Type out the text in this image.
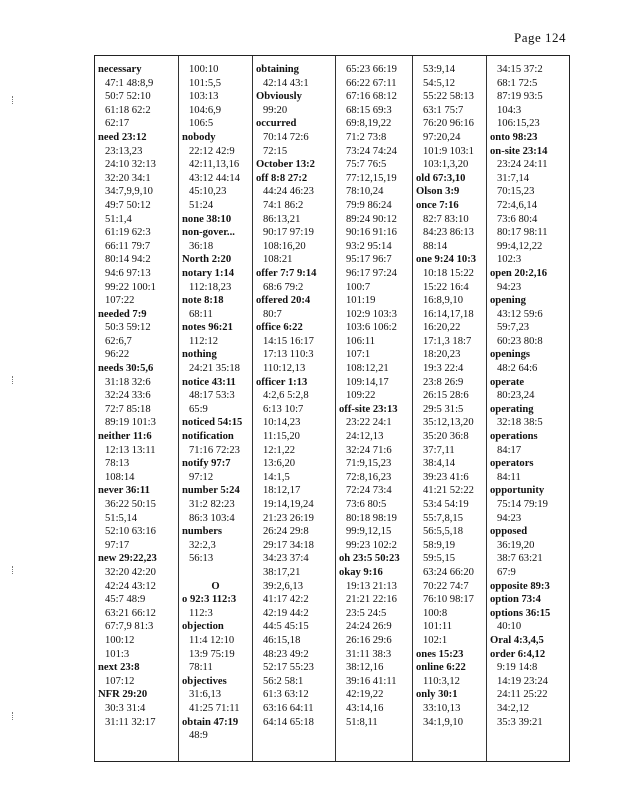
Page 124
necessary
47:1 48:8,9
50:7 52:10
61:18 62:2
62:17
need 23:12
23:13,23
24:10 32:13
32:20 34:1
34:7,9,9,10
49:7 50:12
51:1,4
61:19 62:3
66:11 79:7
80:14 94:2
94:6 97:13
99:22 100:1
107:22
needed 7:9
50:3 59:12
62:6,7
96:22
needs 30:5,6
31:18 32:6
32:24 33:6
72:7 85:18
89:19 101:3
neither 11:6
12:13 13:11
78:13
108:14
never 36:11
36:22 50:15
51:5,14
52:10 63:16
97:17
new 29:22,23
32:20 42:20
42:24 43:12
45:7 48:9
63:21 66:12
67:7,9 81:3
100:12
101:3
next 23:8
107:12
NFR 29:20
30:3 31:4
31:11 32:17
100:10
101:5,5
103:13
104:6,9
106:5
nobody
22:12 42:9
42:11,13,16
43:12 44:14
45:10,23
51:24
none 38:10
non-gover...
36:18
North 2:20
notary 1:14
112:18,23
note 8:18
68:11
notes 96:21
112:12
nothing
24:21 35:18
notice 43:11
48:17 53:3
65:9
noticed 54:15
notification
71:16 72:23
notify 97:7
97:12
number 5:24
31:2 82:23
86:3 103:4
numbers
32:2,3
56:13
O
o 92:3 112:3
112:3
objection
11:4 12:10
13:9 75:19
78:11
objectives
31:6,13
41:25 71:11
obtain 47:19
48:9
obtaining
42:14 43:1
Obviously
99:20
occurred
70:14 72:6
72:15
October 13:2
off 8:8 27:2
44:24 46:23
74:1 86:2
86:13,21
90:17 97:19
108:16,20
108:21
offer 7:7 9:14
68:6 79:2
offered 20:4
80:7
office 6:22
14:15 16:17
17:13 110:3
110:12,13
officer 1:13
4:2,6 5:2,8
6:13 10:7
10:14,23
11:15,20
12:1,22
13:6,20
14:1,5
18:12,17
19:14,19,24
21:23 26:19
26:24 29:8
29:17 34:18
34:23 37:4
38:17,21
39:2,6,13
41:17 42:2
42:19 44:2
44:5 45:15
46:15,18
48:23 49:2
52:17 55:23
56:2 58:1
61:3 63:12
63:16 64:11
64:14 65:18
65:23 66:19
66:22 67:11
67:16 68:12
68:15 69:3
69:8,19,22
71:2 73:8
73:24 74:24
75:7 76:5
77:12,15,19
78:10,24
79:9 86:24
89:24 90:12
90:16 91:16
93:2 95:14
95:17 96:7
96:17 97:24
100:7
101:19
102:9 103:3
103:6 106:2
106:11
107:1
108:12,21
109:14,17
109:22
off-site 23:13
23:22 24:1
24:12,13
32:24 71:6
71:9,15,23
72:8,16,23
72:24 73:4
73:6 80:5
80:18 98:19
99:9,12,15
99:23 102:2
oh 23:5 50:23
okay 9:16
19:13 21:13
21:21 22:16
23:5 24:5
24:24 26:9
26:16 29:6
31:11 38:3
38:12,16
39:16 41:11
42:19,22
43:14,16
51:8,11
53:9,14
54:5,12
55:22 58:13
63:1 75:7
76:20 96:16
97:20,24
101:9 103:1
103:1,3,20
old 67:3,10
Olson 3:9
once 7:16
82:7 83:10
84:23 86:13
88:14
one 9:24 10:3
10:18 15:22
15:22 16:4
16:8,9,10
16:14,17,18
16:20,22
17:1,3 18:7
18:20,23
19:3 22:4
23:8 26:9
26:15 28:6
29:5 31:5
35:12,13,20
35:20 36:8
37:7,11
38:4,14
39:23 41:6
41:21 52:22
53:4 54:19
55:7,8,15
56:5,5,18
58:9,19
59:5,15
63:24 66:20
70:22 74:7
76:10 98:17
100:8
101:11
102:1
ones 15:23
online 6:22
110:3,12
only 30:1
33:10,13
34:1,9,10
34:15 37:2
68:1 72:5
87:19 93:5
104:3
106:15,23
onto 98:23
on-site 23:14
23:24 24:11
31:7,14
70:15,23
72:4,6,14
73:6 80:4
80:17 98:11
99:4,12,22
102:3
open 20:2,16
94:23
opening
43:12 59:6
59:7,23
60:23 80:8
openings
48:2 64:6
operate
80:23,24
operating
32:18 38:5
operations
84:17
operators
84:11
opportunity
75:14 79:19
94:23
opposed
36:19,20
38:7 63:21
67:9
opposite 89:3
option 73:4
options 36:15
40:10
Oral 4:3,4,5
order 6:4,12
9:19 14:8
14:19 23:24
24:11 25:22
34:2,12
35:3 39:21
